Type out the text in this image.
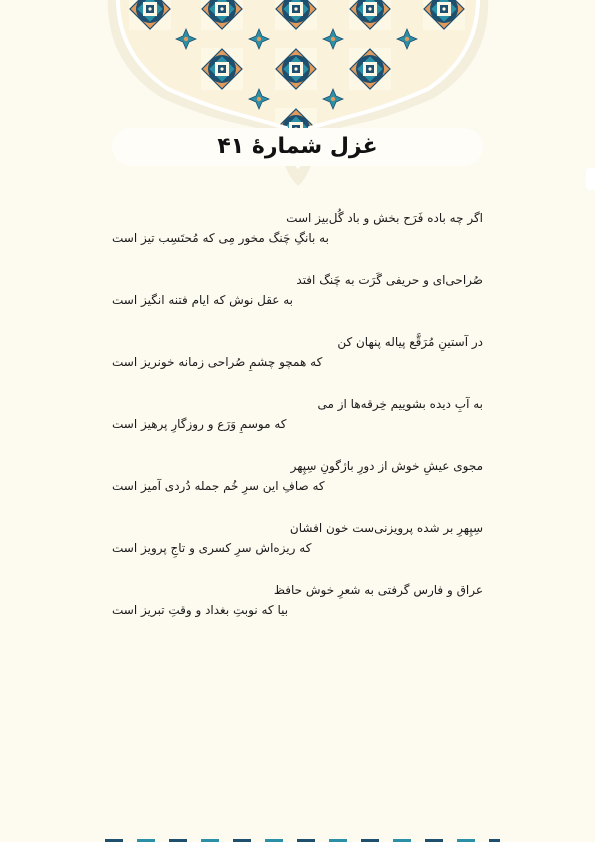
غزل شمارهٔ ۴۱
اگر چه باده فَرَح بخش و باد گُل‌بیز است
به بانگِ چَنگ مخور مِی که مُحتَسِب تیز است
صُراحی‌ای و حریفی گَرَت به چَنگ افتد
به عقل نوش که ایام فتنه انگیز است
در آستینِ مُرَقَّع پیاله پنهان کن
که همچو چشمِ صُراحی زمانه خونریز است
به آبِ دیده بشوییم خِرقه‌ها از می
که موسمِ وَرَع و روزگارِ پرهیز است
مجوی عیشِ خوش از دورِ باژگونِ سِپِهر
که صافِ این سرِ خُم جمله دُردی آمیز است
سِپِهرِ بر شده پرویزنی‌ست خون افشان
که ریزه‌اش سرِ کسری و تاجِ پرویز است
عراق و فارس گرفتی به شعرِ خوش حافظ
بیا که نوبتِ بغداد و وقتِ تبریز است
